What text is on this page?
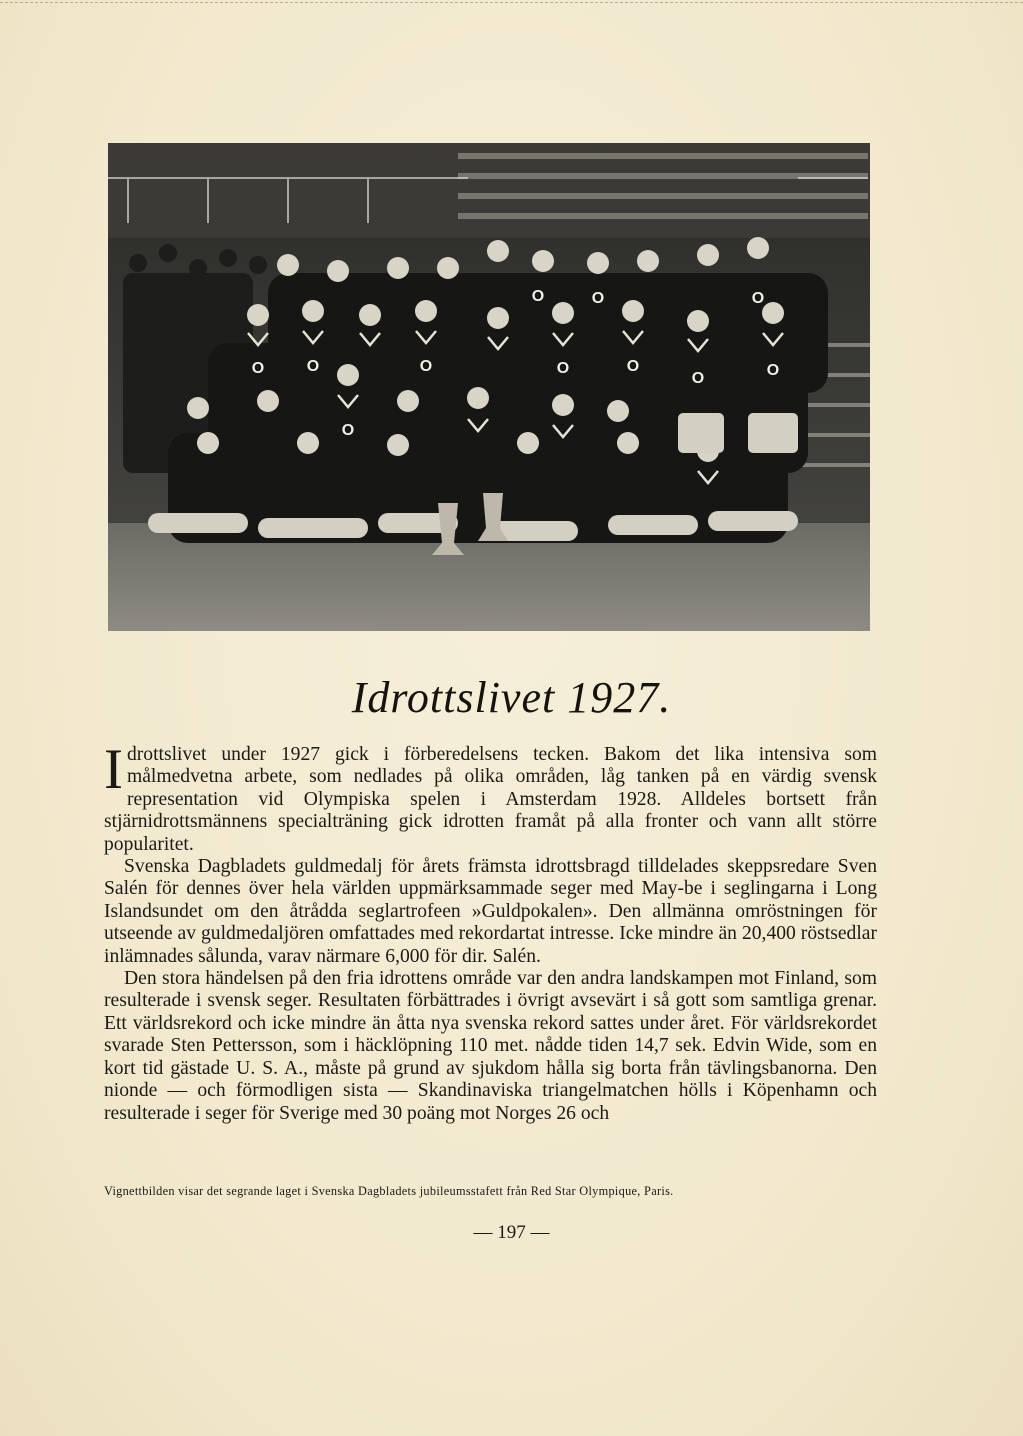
O	O	O	O	O
O	O
O
O	O	O
Idrottslivet 1927.

Idrottslivet under 1927 gick i förberedelsens tecken. Bakom det lika intensiva som målmedvetna arbete, som nedlades på olika områden, låg tanken på en värdig svensk representation vid Olympiska spelen i Amsterdam 1928. Alldeles bortsett från stjärnidrottsmännens specialträning gick idrotten framåt på alla fronter och vann allt större popularitet.

Svenska Dagbladets guldmedalj för årets främsta idrottsbragd tilldelades skeppsredare Sven Salén för dennes över hela världen uppmärksammade seger med May-be i seglingarna i Long Islandsundet om den åtrådda seglartrofeen »Guldpokalen». Den allmänna omröstningen för utseende av guldmedaljören omfattades med rekordartat intresse. Icke mindre än 20,400 röstsedlar inlämnades sålunda, varav närmare 6,000 för dir. Salén.

Den stora händelsen på den fria idrottens område var den andra landskampen mot Finland, som resulterade i svensk seger. Resultaten förbättrades i övrigt avsevärt i så gott som samtliga grenar. Ett världsrekord och icke mindre än åtta nya svenska rekord sattes under året. För världsrekordet svarade Sten Pettersson, som i häcklöpning 110 met. nådde tiden 14,7 sek. Edvin Wide, som en kort tid gästade U. S. A., måste på grund av sjukdom hålla sig borta från tävlingsbanorna. Den nionde — och förmodligen sista — Skandinaviska triangelmatchen hölls i Köpenhamn och resulterade i seger för Sverige med 30 poäng mot Norges 26 och

Vignettbilden visar det segrande laget i Svenska Dagbladets jubileumsstafett från Red Star Olympique, Paris.
— 197 —
